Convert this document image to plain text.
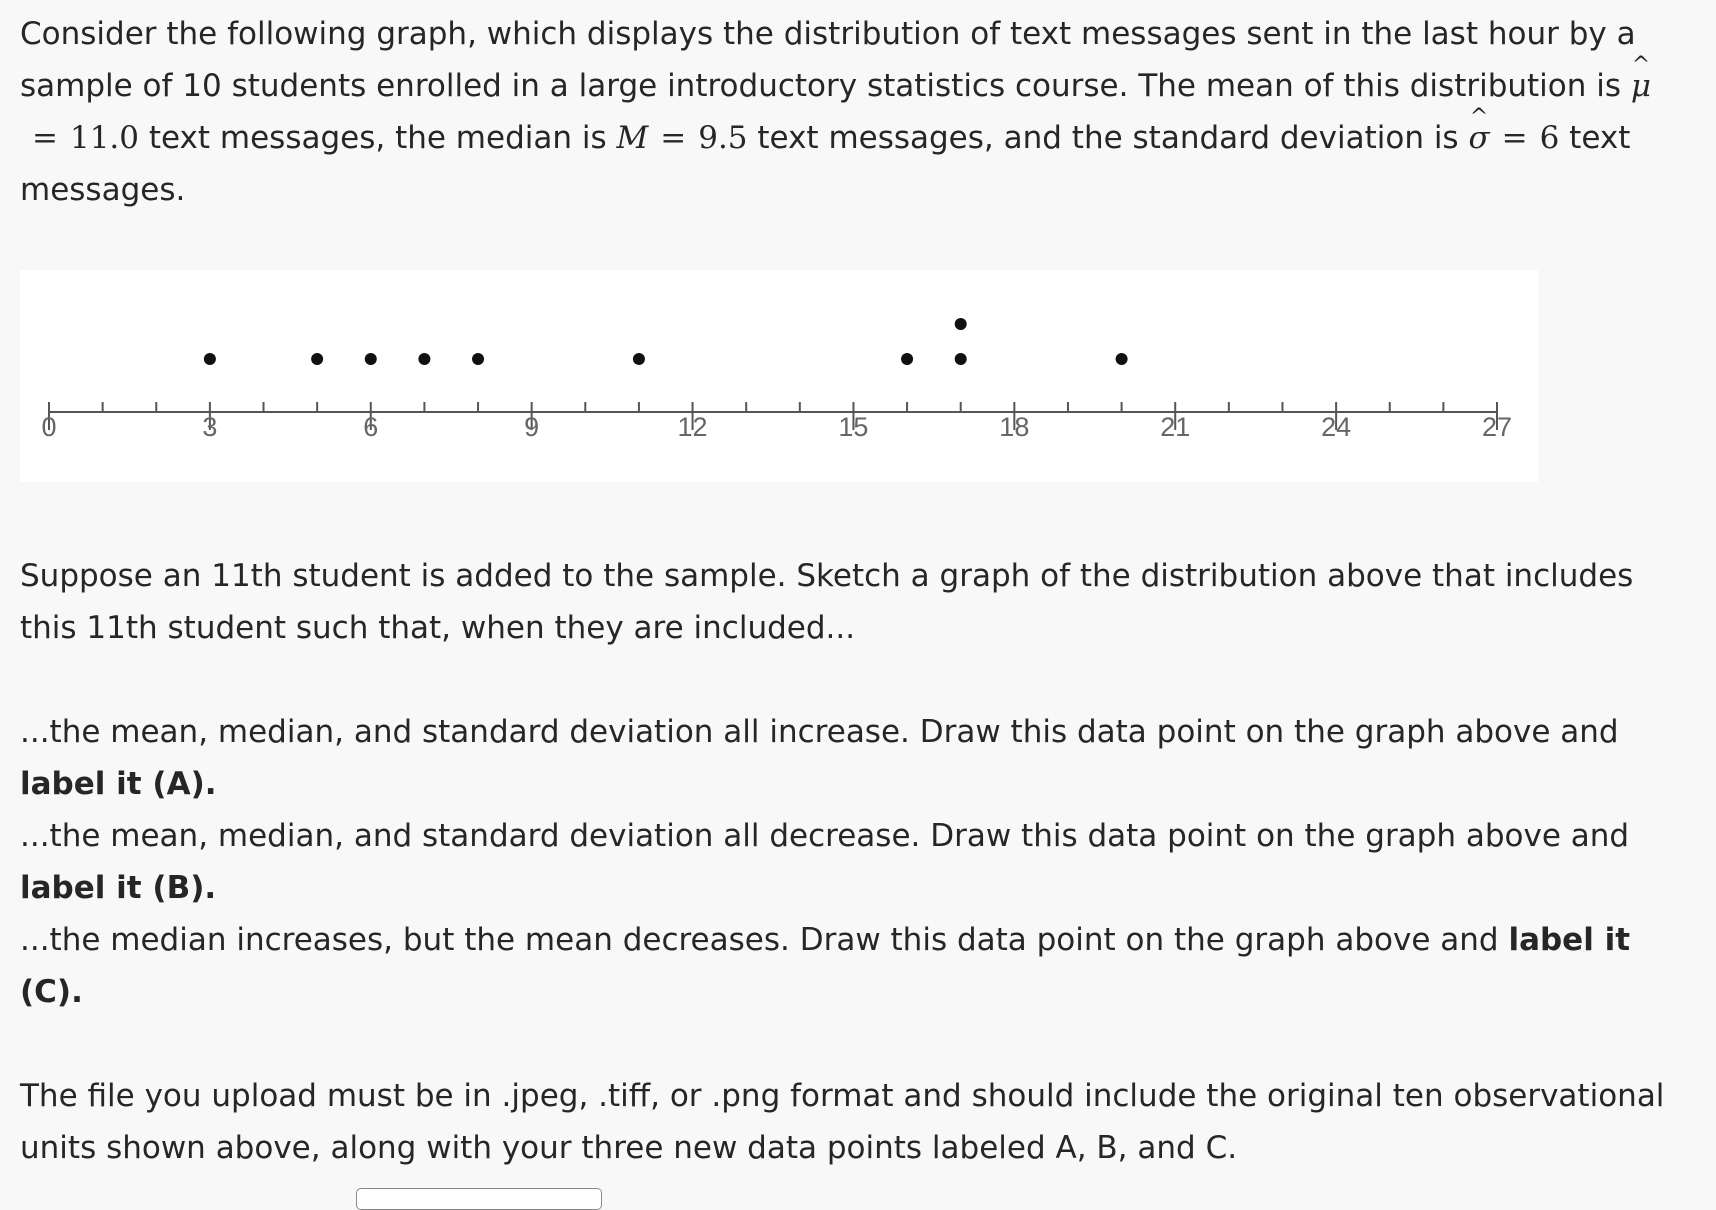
Consider the following graph, which displays the distribution of text messages sent in the last hour by a sample of 10 students enrolled in a large introductory statistics course. The mean of this distribution is μ ^= 11.0 text messages, the median is M = 9.5 text messages, and the standard deviation is σ ^ = 6 text messages.

0	3	6	9	12	15	18	21	24	27

Suppose an 11th student is added to the sample. Sketch a graph of the distribution above that includes this 11th student such that, when they are included...

...the mean, median, and standard deviation all increase. Draw this data point on the graph above and label it (A).
...the mean, median, and standard deviation all decrease. Draw this data point on the graph above and label it (B).
...the median increases, but the mean decreases. Draw this data point on the graph above and label it (C).

The file you upload must be in .jpeg, .tiff, or .png format and should include the original ten observational units shown above, along with your three new data points labeled A, B, and C.
